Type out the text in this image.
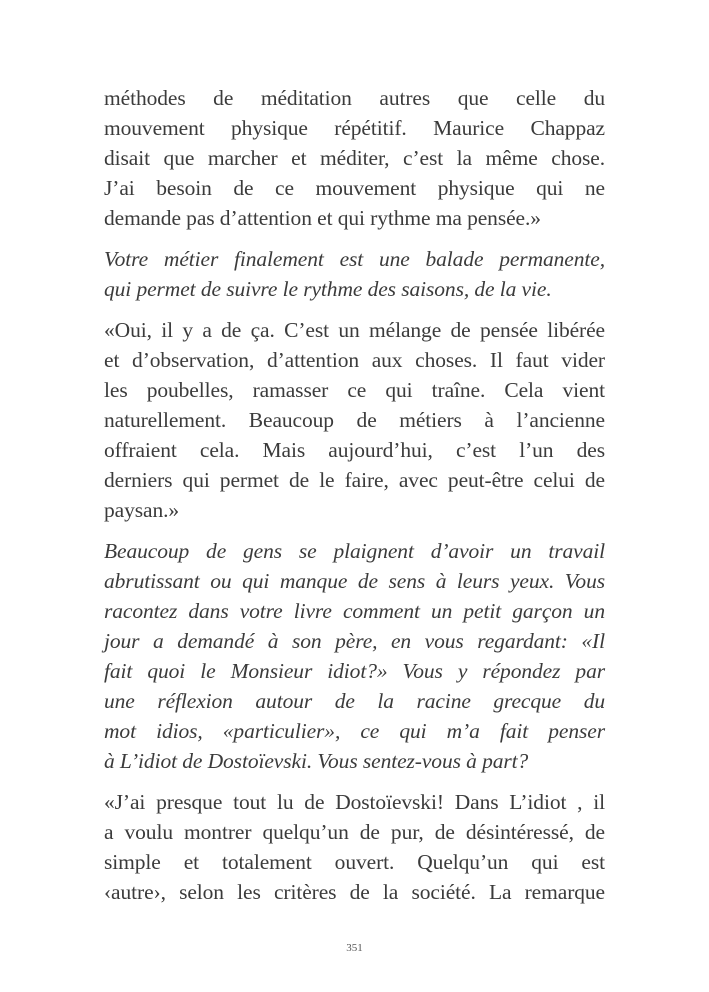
méthodes de méditation autres que celle du
mouvement physique répétitif. Maurice Chappaz
disait que marcher et méditer, c’est la même chose.
J’ai besoin de ce mouvement physique qui ne
demande pas d’attention et qui rythme ma pensée.»

Votre métier finalement est une balade permanente,
qui permet de suivre le rythme des saisons, de la vie.

«Oui, il y a de ça. C’est un mélange de pensée libérée
et d’observation, d’attention aux choses. Il faut vider
les poubelles, ramasser ce qui traîne. Cela vient
naturellement. Beaucoup de métiers à l’ancienne
offraient cela. Mais aujourd’hui, c’est l’un des
derniers qui permet de le faire, avec peut-être celui de
paysan.»

Beaucoup de gens se plaignent d’avoir un travail
abrutissant ou qui manque de sens à leurs yeux. Vous
racontez dans votre livre comment un petit garçon un
jour a demandé à son père, en vous regardant: «Il
fait quoi le Monsieur idiot?» Vous y répondez par
une réflexion autour de la racine grecque du
mot idios, «particulier», ce qui m’a fait penser
à L’idiot de Dostoïevski. Vous sentez-vous à part?

«J’ai presque tout lu de Dostoïevski! Dans L’idiot , il
a voulu montrer quelqu’un de pur, de désintéressé, de
simple et totalement ouvert. Quelqu’un qui est
‹autre›, selon les critères de la société. La remarque

351
